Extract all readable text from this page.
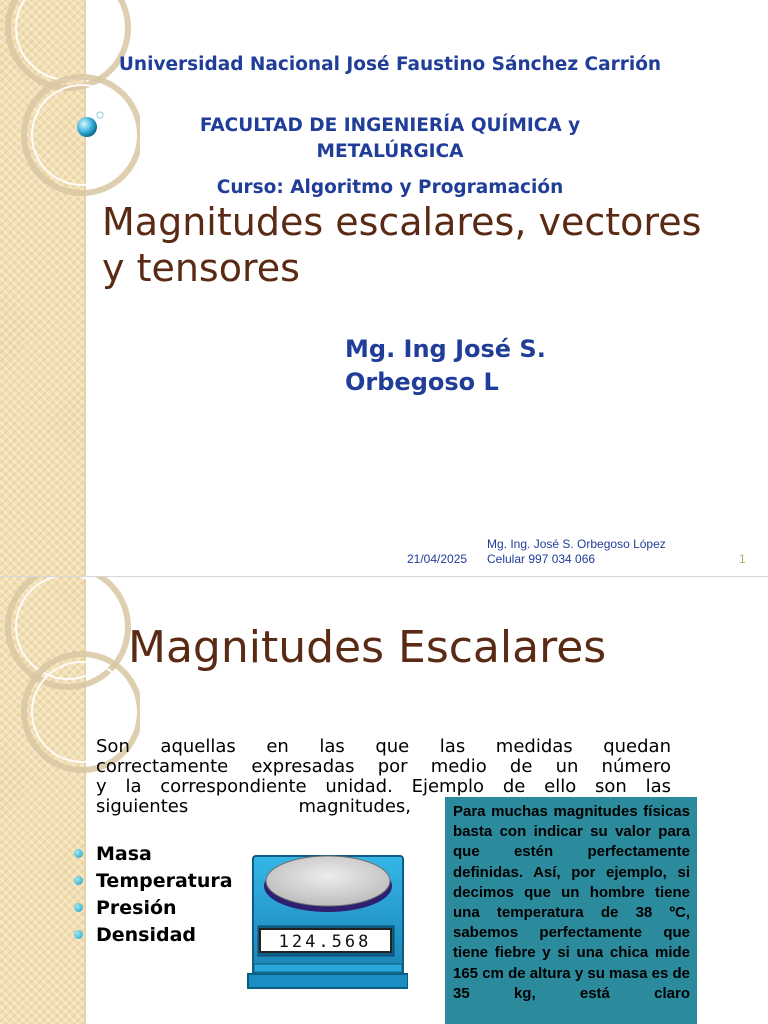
Universidad Nacional José Faustino Sánchez Carrión
FACULTAD DE INGENIERÍA QUÍMICA y METALÚRGICA
Curso: Algoritmo y Programación
Magnitudes escalares, vectores
y tensores
Mg. Ing José S.
Orbegoso L
21/04/2025
Mg. Ing. José S. Orbegoso López
Celular 997 034 066	1
Magnitudes Escalares
Son aquellas en las que las medidas quedan
correctamente expresadas por medio de un número
y la correspondiente unidad. Ejemplo de ello son las
siguientes magnitudes,
Masa
Temperatura
Presión
Densidad	124.568

Para muchas magnitudes físicas basta con indicar su valor para que estén perfectamente definidas. Así, por ejemplo, si decimos que un hombre tiene una temperatura de 38 ºC, sabemos perfectamente que tiene fiebre y si una chica mide 165 cm de altura y su masa es de 35 kg, está claro
